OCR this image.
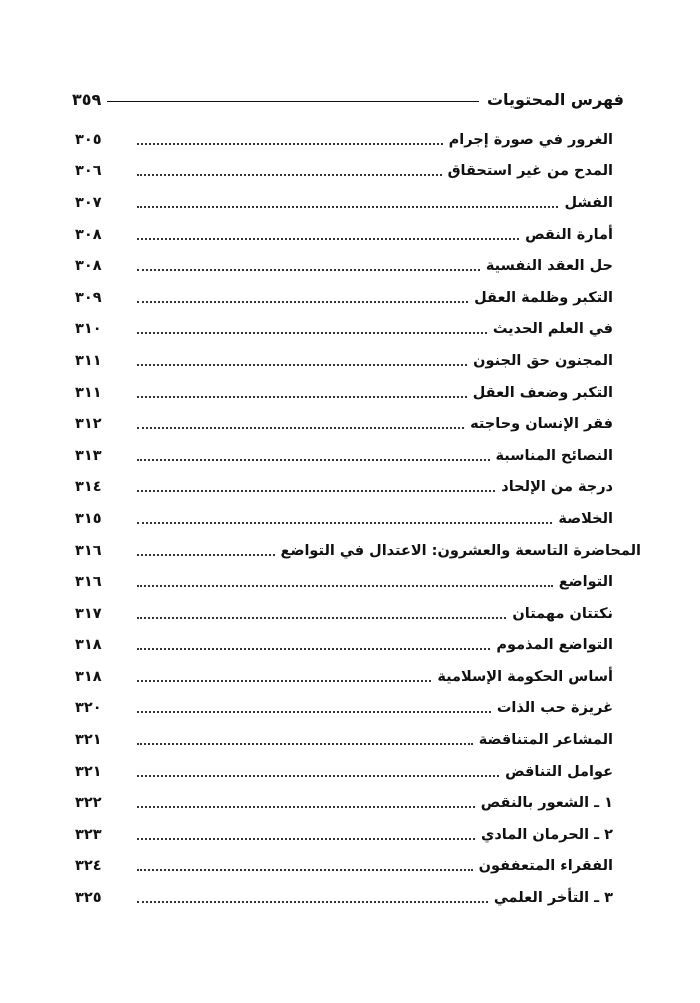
فهرس المحتويات
٣٥٩
الغرور في صورة إجرام
٣٠٥
المدح من غير استحقاق
٣٠٦
الفشل
٣٠٧
أمارة النقص
٣٠٨
حل العقد النفسية
٣٠٨
التكبر وظلمة العقل
٣٠٩
في العلم الحديث
٣١٠
المجنون حق الجنون
٣١١
التكبر وضعف العقل
٣١١
فقر الإنسان وحاجته
٣١٢
النصائح المناسبة
٣١٣
درجة من الإلحاد
٣١٤
الخلاصة
٣١٥
المحاضرة التاسعة والعشرون: الاعتدال في التواضع
٣١٦
التواضع
٣١٦
نكتتان مهمتان
٣١٧
التواضع المذموم
٣١٨
أساس الحكومة الإسلامية
٣١٨
غريزة حب الذات
٣٢٠
المشاعر المتناقضة
٣٢١
عوامل التناقض
٣٢١
١ ـ الشعور بالنقص
٣٢٢
٢ ـ الحرمان المادي
٣٢٣
الفقراء المتعففون
٣٢٤
٣ ـ التأخر العلمي
٣٢٥
